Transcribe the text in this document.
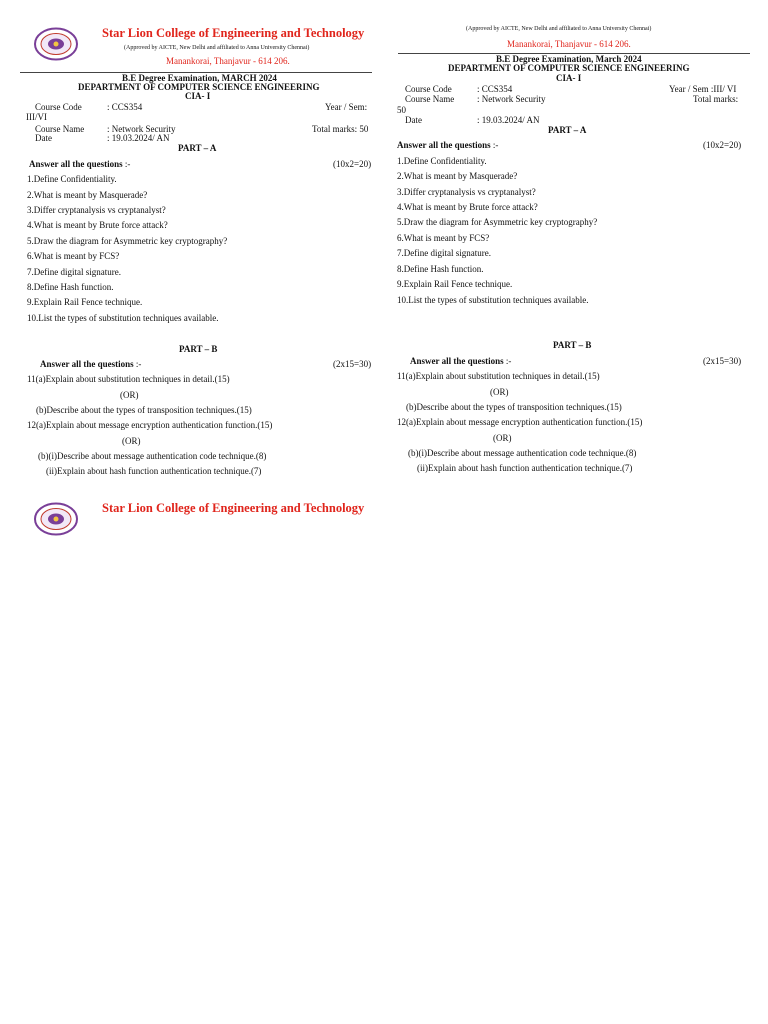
Star Lion College of Engineering and Technology
(Approved by AICTE, New Delhi and affiliated to Anna University Chennai)
Manankorai, Thanjavur - 614 206.
B.E Degree Examination, MARCH 2024
DEPARTMENT OF COMPUTER SCIENCE ENGINEERING
CIA- I
Course Code	: CCS354	Year / Sem:
III/VI
Course Name	: Network Security	Total marks: 50
Date	: 19.03.2024/ AN
PART – A
Answer all the questions :-	(10x2=20)
1.Define Confidentiality.
2.What is meant by Masquerade?
3.Differ cryptanalysis vs cryptanalyst?
4.What is meant by Brute force attack?
5.Draw the diagram for Asymmetric key cryptography?
6.What is meant by FCS?
7.Define digital signature.
8.Define Hash function.
9.Explain Rail Fence technique.
10.List the types of substitution techniques available.
PART – B
Answer all the questions :-	(2x15=30)
11(a)Explain about substitution techniques in detail.(15)
(OR)
(b)Describe about the types of transposition techniques.(15)
12(a)Explain about message encryption authentication function.(15)
(OR)
(b)(i)Describe about message authentication code technique.(8)
(ii)Explain about hash function authentication technique.(7)
Star Lion College of Engineering and Technology
(Approved by AICTE, New Delhi and affiliated to Anna University Chennai)
Manankorai, Thanjavur - 614 206.
B.E Degree Examination, March 2024
DEPARTMENT OF COMPUTER SCIENCE ENGINEERING
CIA- I
Course Code	: CCS354	Year / Sem :III/ VI
Course Name	: Network Security	Total marks:
50
Date	: 19.03.2024/ AN
PART – A
Answer all the questions :-	(10x2=20)
1.Define Confidentiality.
2.What is meant by Masquerade?
3.Differ cryptanalysis vs cryptanalyst?
4.What is meant by Brute force attack?
5.Draw the diagram for Asymmetric key cryptography?
6.What is meant by FCS?
7.Define digital signature.
8.Define Hash function.
9.Explain Rail Fence technique.
10.List the types of substitution techniques available.
PART – B
Answer all the questions :-	(2x15=30)
11(a)Explain about substitution techniques in detail.(15)
(OR)
(b)Describe about the types of transposition techniques.(15)
12(a)Explain about message encryption authentication function.(15)
(OR)
(b)(i)Describe about message authentication code technique.(8)
(ii)Explain about hash function authentication technique.(7)
